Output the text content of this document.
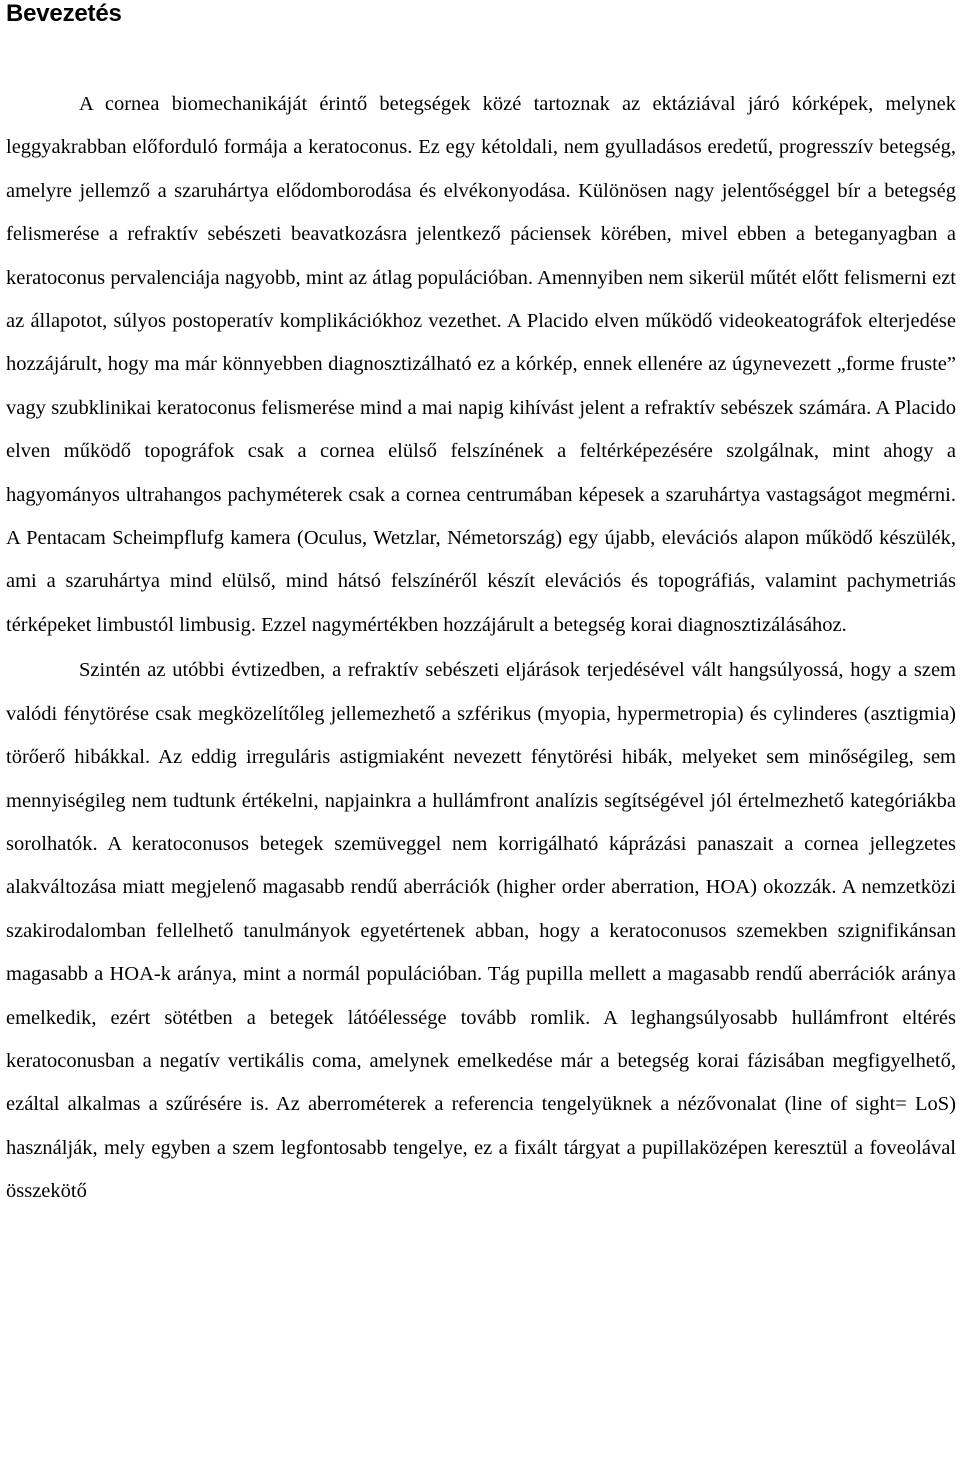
Bevezetés

A cornea biomechanikáját érintő betegségek közé tartoznak az ektáziával járó kórképek, melynek leggyakrabban előforduló formája a keratoconus. Ez egy kétoldali, nem gyulladásos eredetű, progresszív betegség, amelyre jellemző a szaruhártya elődomborodása és elvékonyodása. Különösen nagy jelentőséggel bír a betegség felismerése a refraktív sebészeti beavatkozásra jelentkező páciensek körében, mivel ebben a beteganyagban a keratoconus pervalenciája nagyobb, mint az átlag populációban. Amennyiben nem sikerül műtét előtt felismerni ezt az állapotot, súlyos postoperatív komplikációkhoz vezethet. A Placido elven működő videokeatográfok elterjedése hozzájárult, hogy ma már könnyebben diagnosztizálható ez a kórkép, ennek ellenére az úgynevezett „forme fruste” vagy szubklinikai keratoconus felismerése mind a mai napig kihívást jelent a refraktív sebészek számára. A Placido elven működő topográfok csak a cornea elülső felszínének a feltérképezésére szolgálnak, mint ahogy a hagyományos ultrahangos pachyméterek csak a cornea centrumában képesek a szaruhártya vastagságot megmérni. A Pentacam Scheimpflufg kamera (Oculus, Wetzlar, Németország) egy újabb, elevációs alapon működő készülék, ami a szaruhártya mind elülső, mind hátsó felszínéről készít elevációs és topográfiás, valamint pachymetriás térképeket limbustól limbusig. Ezzel nagymértékben hozzájárult a betegség korai diagnosztizálásához.

Szintén az utóbbi évtizedben, a refraktív sebészeti eljárások terjedésével vált hangsúlyossá, hogy a szem valódi fénytörése csak megközelítőleg jellemezhető a szférikus (myopia, hypermetropia) és cylinderes (asztigmia) törőerő hibákkal. Az eddig irreguláris astigmiaként nevezett fénytörési hibák, melyeket sem minőségileg, sem mennyiségileg nem tudtunk értékelni, napjainkra a hullámfront analízis segítségével jól értelmezhető kategóriákba sorolhatók. A keratoconusos betegek szemüveggel nem korrigálható káprázási panaszait a cornea jellegzetes alakváltozása miatt megjelenő magasabb rendű aberrációk (higher order aberration, HOA) okozzák. A nemzetközi szakirodalomban fellelhető tanulmányok egyetértenek abban, hogy a keratoconusos szemekben szignifikánsan magasabb a HOA-k aránya, mint a normál populációban. Tág pupilla mellett a magasabb rendű aberrációk aránya emelkedik, ezért sötétben a betegek látóélessége tovább romlik. A leghangsúlyosabb hullámfront eltérés keratoconusban a negatív vertikális coma, amelynek emelkedése már a betegség korai fázisában megfigyelhető, ezáltal alkalmas a szűrésére is. Az aberrométerek a referencia tengelyüknek a nézővonalat (line of sight= LoS) használják, mely egyben a szem legfontosabb tengelye, ez a fixált tárgyat a pupillaközépen keresztül a foveolával összekötő
